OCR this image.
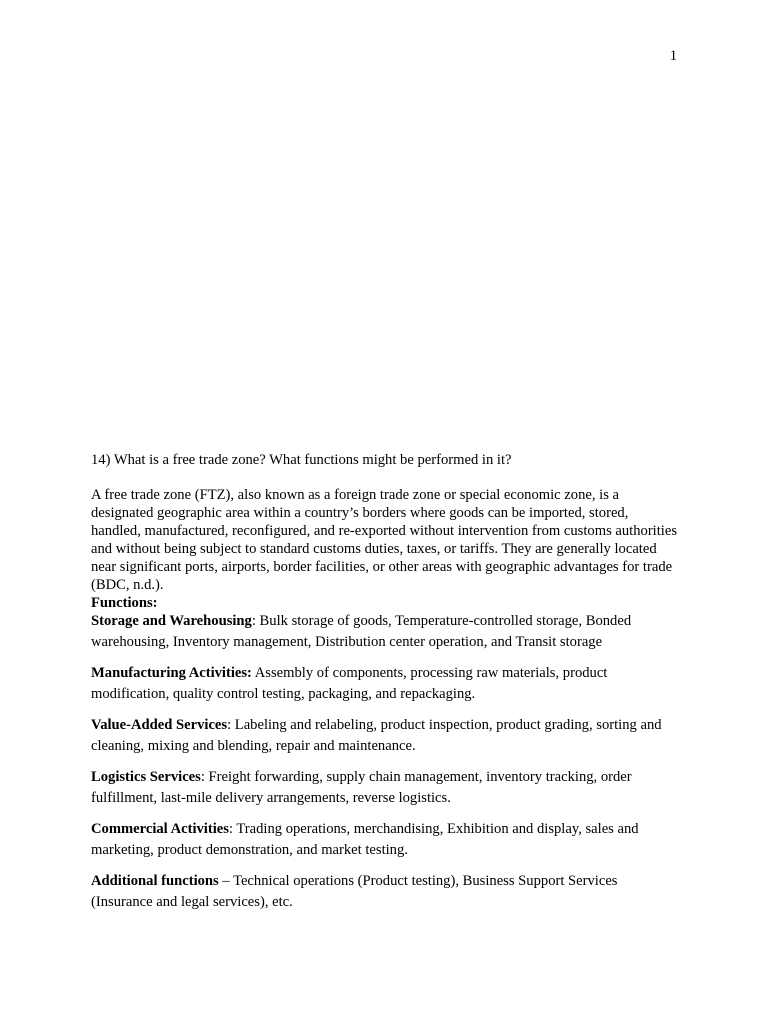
1

14) What is a free trade zone? What functions might be performed in it?

A free trade zone (FTZ), also known as a foreign trade zone or special economic zone, is a designated geographic area within a country’s borders where goods can be imported, stored, handled, manufactured, reconfigured, and re-exported without intervention from customs authorities and without being subject to standard customs duties, taxes, or tariffs. They are generally located near significant ports, airports, border facilities, or other areas with geographic advantages for trade (BDC, n.d.).

Functions:

Storage and Warehousing: Bulk storage of goods, Temperature-controlled storage, Bonded warehousing, Inventory management, Distribution center operation, and Transit storage

Manufacturing Activities: Assembly of components, processing raw materials, product modification, quality control testing, packaging, and repackaging.

Value-Added Services: Labeling and relabeling, product inspection, product grading, sorting and cleaning, mixing and blending, repair and maintenance.

Logistics Services: Freight forwarding, supply chain management, inventory tracking, order fulfillment, last-mile delivery arrangements, reverse logistics.

Commercial Activities: Trading operations, merchandising, Exhibition and display, sales and marketing, product demonstration, and market testing.

Additional functions – Technical operations (Product testing), Business Support Services (Insurance and legal services), etc.
